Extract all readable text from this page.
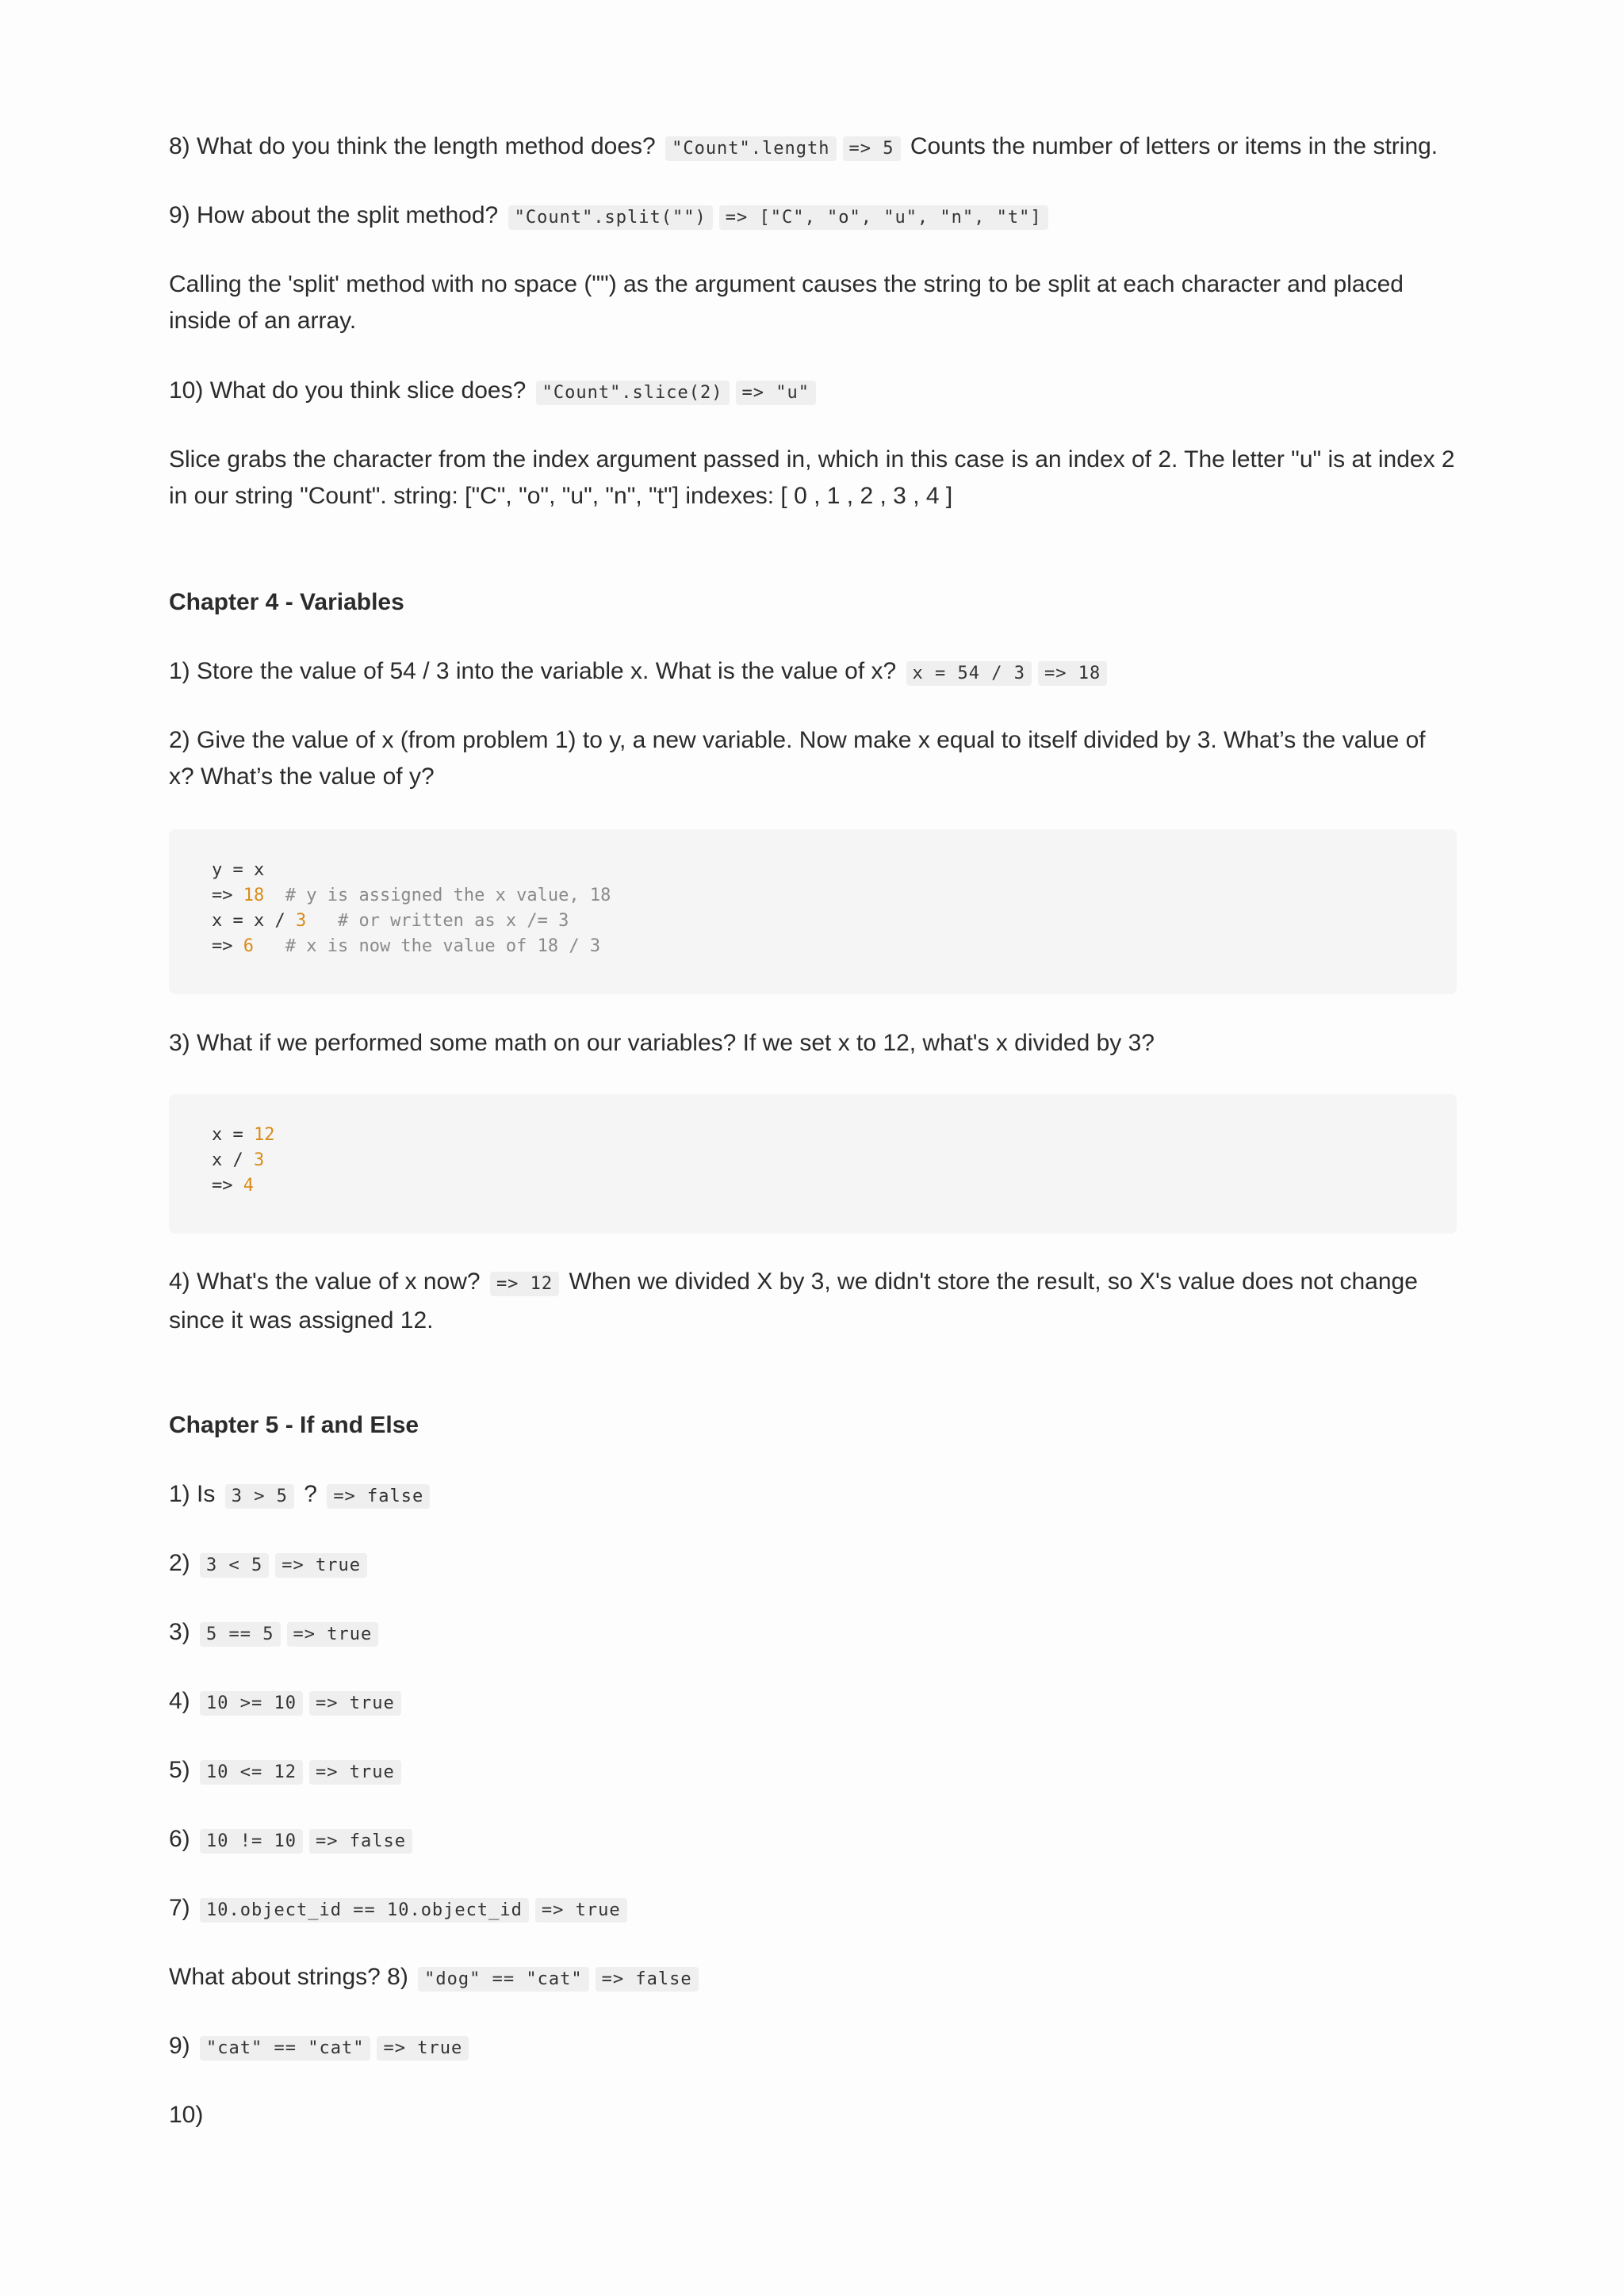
8) What do you think the length method does? "Count".length => 5 Counts the number of letters or items in the string.

9) How about the split method? "Count".split("") => ["C", "o", "u", "n", "t"]

Calling the 'split' method with no space ("") as the argument causes the string to be split at each character and placed inside of an array.

10) What do you think slice does? "Count".slice(2) => "u"

Slice grabs the character from the index argument passed in, which in this case is an index of 2. The letter "u" is at index 2 in our string "Count". string: ["C", "o", "u", "n", "t"] indexes: [ 0 , 1 , 2 , 3 , 4 ]

Chapter 4 - Variables

1) Store the value of 54 / 3 into the variable x. What is the value of x? x = 54 / 3 => 18

2) Give the value of x (from problem 1) to y, a new variable. Now make x equal to itself divided by 3. What’s the value of x? What’s the value of y?

y = x
=> 18  # y is assigned the x value, 18
x = x / 3   # or written as x /= 3
=> 6   # x is now the value of 18 / 3

3) What if we performed some math on our variables? If we set x to 12, what's x divided by 3?

x = 12
x / 3
=> 4

4) What's the value of x now? => 12 When we divided X by 3, we didn't store the result, so X's value does not change since it was assigned 12.

Chapter 5 - If and Else

1) Is 3 > 5 ? => false

2) 3 < 5 => true

3) 5 == 5 => true

4) 10 >= 10 => true

5) 10 <= 12 => true

6) 10 != 10 => false

7) 10.object_id == 10.object_id => true

What about strings? 8) "dog" == "cat" => false

9) "cat" == "cat" => true

10)
